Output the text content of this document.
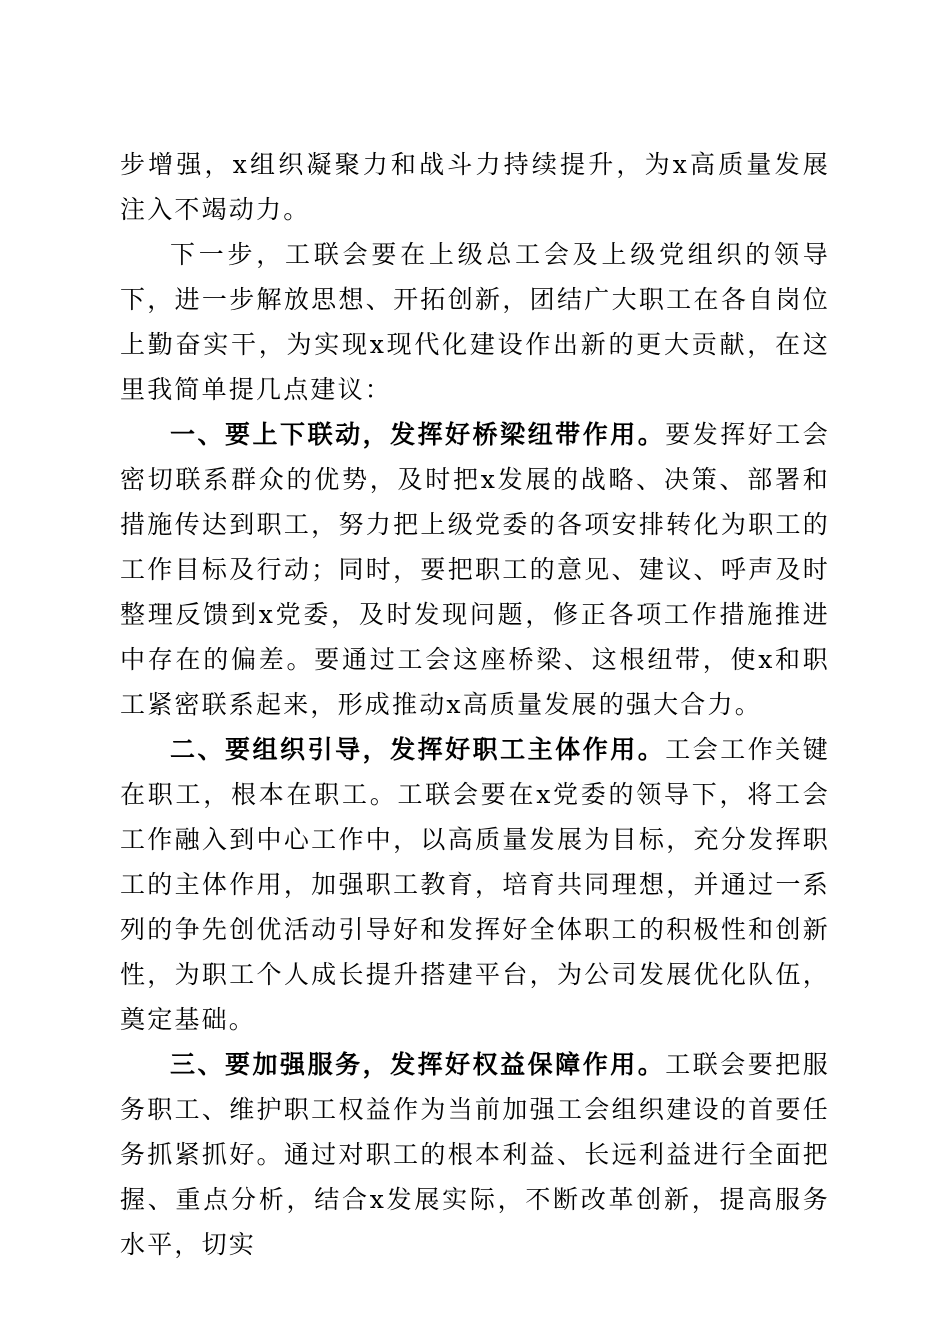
步增强，x组织凝聚力和战斗力持续提升，为x高质量发展注入不竭动力。

下一步，工联会要在上级总工会及上级党组织的领导下，进一步解放思想、开拓创新，团结广大职工在各自岗位上勤奋实干，为实现x现代化建设作出新的更大贡献，在这里我简单提几点建议：

一、要上下联动，发挥好桥梁纽带作用。要发挥好工会密切联系群众的优势，及时把x发展的战略、决策、部署和措施传达到职工，努力把上级党委的各项安排转化为职工的工作目标及行动；同时，要把职工的意见、建议、呼声及时整理反馈到x党委，及时发现问题，修正各项工作措施推进中存在的偏差。要通过工会这座桥梁、这根纽带，使x和职工紧密联系起来，形成推动x高质量发展的强大合力。

二、要组织引导，发挥好职工主体作用。工会工作关键在职工，根本在职工。工联会要在x党委的领导下，将工会工作融入到中心工作中，以高质量发展为目标，充分发挥职工的主体作用，加强职工教育，培育共同理想，并通过一系列的争先创优活动引导好和发挥好全体职工的积极性和创新性，为职工个人成长提升搭建平台，为公司发展优化队伍，奠定基础。

三、要加强服务，发挥好权益保障作用。工联会要把服务职工、维护职工权益作为当前加强工会组织建设的首要任务抓紧抓好。通过对职工的根本利益、长远利益进行全面把握、重点分析，结合x发展实际，不断改革创新，提高服务水平，切实
